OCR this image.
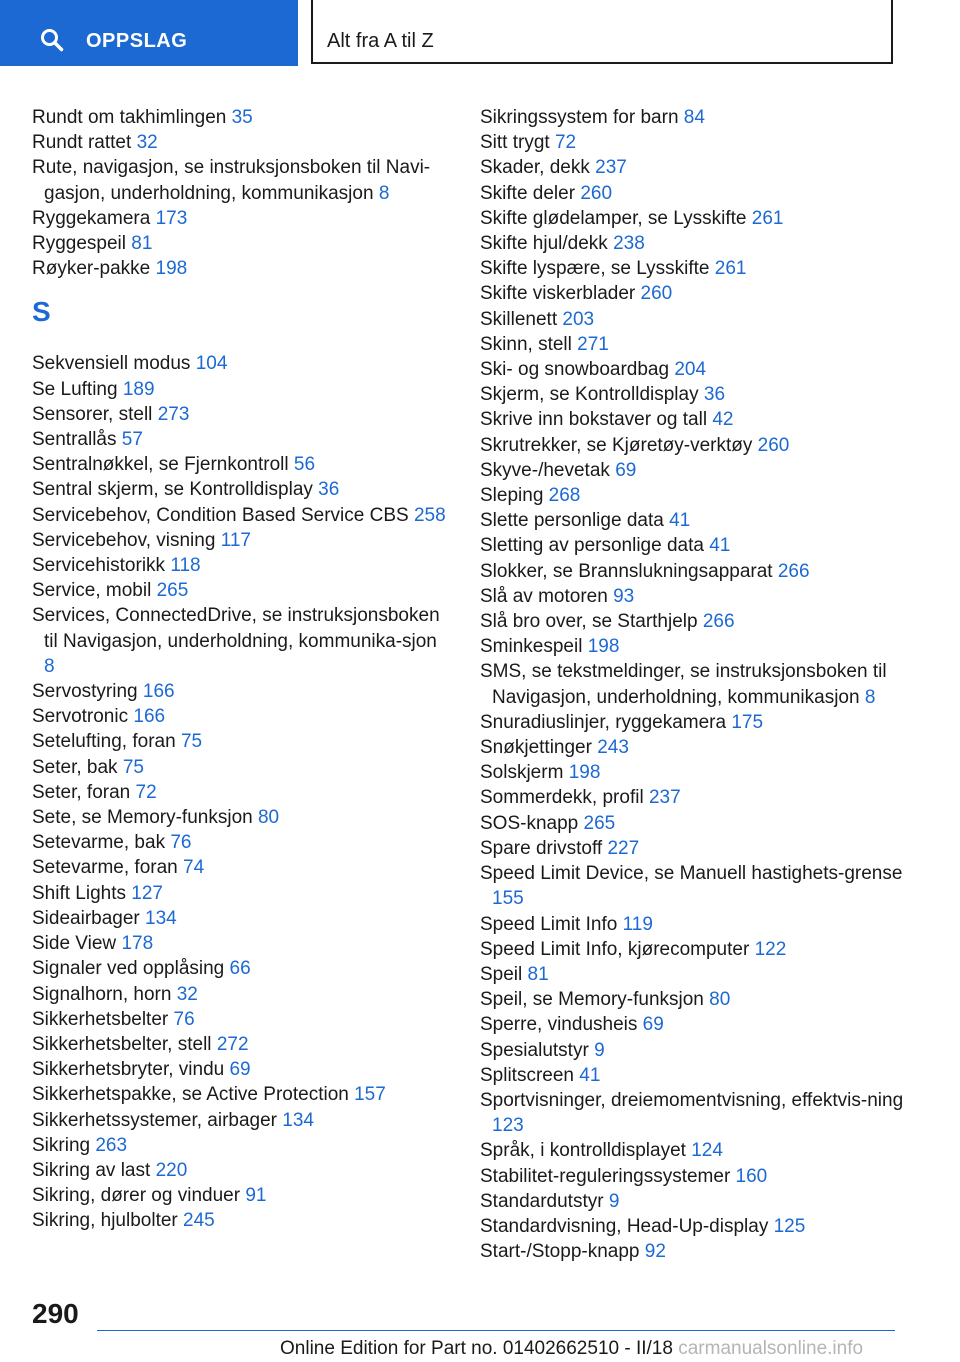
OPPSLAG	Alt fra A til Z
Rundt om takhimlingen 35
Rundt rattet 32
Rute, navigasjon, se instruksjonsboken til Navi‐gasjon, underholdning, kommunikasjon 8
Ryggekamera 173
Ryggespeil 81
Røyker-pakke 198
S
Sekvensiell modus 104
Se Lufting 189
Sensorer, stell 273
Sentrallås 57
Sentralnøkkel, se Fjernkontroll 56
Sentral skjerm, se Kontrolldisplay 36
Servicebehov, Condition Based Service CBS 258
Servicebehov, visning 117
Servicehistorikk 118
Service, mobil 265
Services, ConnectedDrive, se instruksjonsboken til Navigasjon, underholdning, kommunika‐sjon 8
Servostyring 166
Servotronic 166
Setelufting, foran 75
Seter, bak 75
Seter, foran 72
Sete, se Memory-funksjon 80
Setevarme, bak 76
Setevarme, foran 74
Shift Lights 127
Sideairbager 134
Side View 178
Signaler ved opplåsing 66
Signalhorn, horn 32
Sikkerhetsbelter 76
Sikkerhetsbelter, stell 272
Sikkerhetsbryter, vindu 69
Sikkerhetspakke, se Active Protection 157
Sikkerhetssystemer, airbager 134
Sikring 263
Sikring av last 220
Sikring, dører og vinduer 91
Sikring, hjulbolter 245
Sikringssystem for barn 84
Sitt trygt 72
Skader, dekk 237
Skifte deler 260
Skifte glødelamper, se Lysskifte 261
Skifte hjul/dekk 238
Skifte lyspære, se Lysskifte 261
Skifte viskerblader 260
Skillenett 203
Skinn, stell 271
Ski- og snowboardbag 204
Skjerm, se Kontrolldisplay 36
Skrive inn bokstaver og tall 42
Skrutrekker, se Kjøretøy-verktøy 260
Skyve-/hevetak 69
Sleping 268
Slette personlige data 41
Sletting av personlige data 41
Slokker, se Brannslukningsapparat 266
Slå av motoren 93
Slå bro over, se Starthjelp 266
Sminkespeil 198
SMS, se tekstmeldinger, se instruksjonsboken til Navigasjon, underholdning, kommunikasjon 8
Snuradiuslinjer, ryggekamera 175
Snøkjettinger 243
Solskjerm 198
Sommerdekk, profil 237
SOS-knapp 265
Spare drivstoff 227
Speed Limit Device, se Manuell hastighets‐grense 155
Speed Limit Info 119
Speed Limit Info, kjørecomputer 122
Speil 81
Speil, se Memory-funksjon 80
Sperre, vindusheis 69
Spesialutstyr 9
Splitscreen 41
Sportvisninger, dreiemomentvisning, effektvis‐ning 123
Språk, i kontrolldisplayet 124
Stabilitet-reguleringssystemer 160
Standardutstyr 9
Standardvisning, Head-Up-display 125
Start-/Stopp-knapp 92
290
Online Edition for Part no. 01402662510 - II/18 carmanualsonline.info
